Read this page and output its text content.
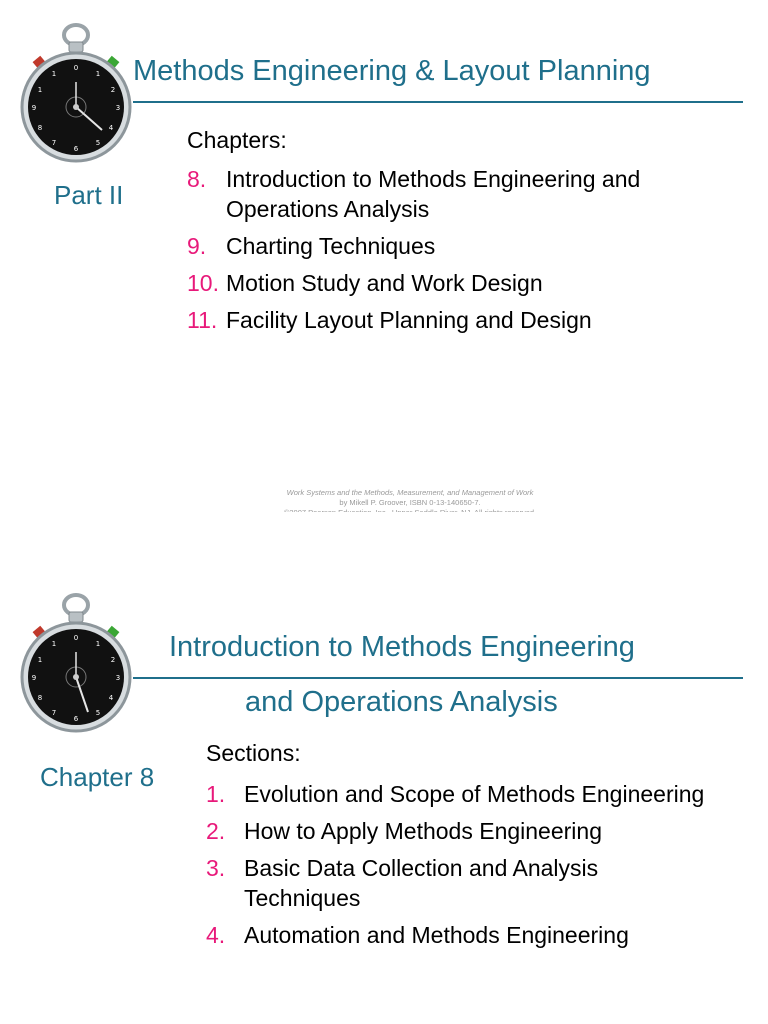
0
1
2
3
4
5
6
7
8
9
1
1	Methods Engineering & Layout Planning
Part II
Chapters:
8. Introduction to Methods Engineering and Operations Analysis
9. Charting Techniques
10. Motion Study and Work Design
11. Facility Layout Planning and Design
Work Systems and the Methods, Measurement, and Management of Work
by Mikell P. Groover, ISBN 0-13-140650-7.
0
1
2
3
4
5
6
7
8
9
1
1	Introduction to Methods Engineering
and Operations Analysis
Chapter 8
Sections:
1. Evolution and Scope of Methods Engineering
2. How to Apply Methods Engineering
3. Basic Data Collection and Analysis Techniques
4. Automation and Methods Engineering
